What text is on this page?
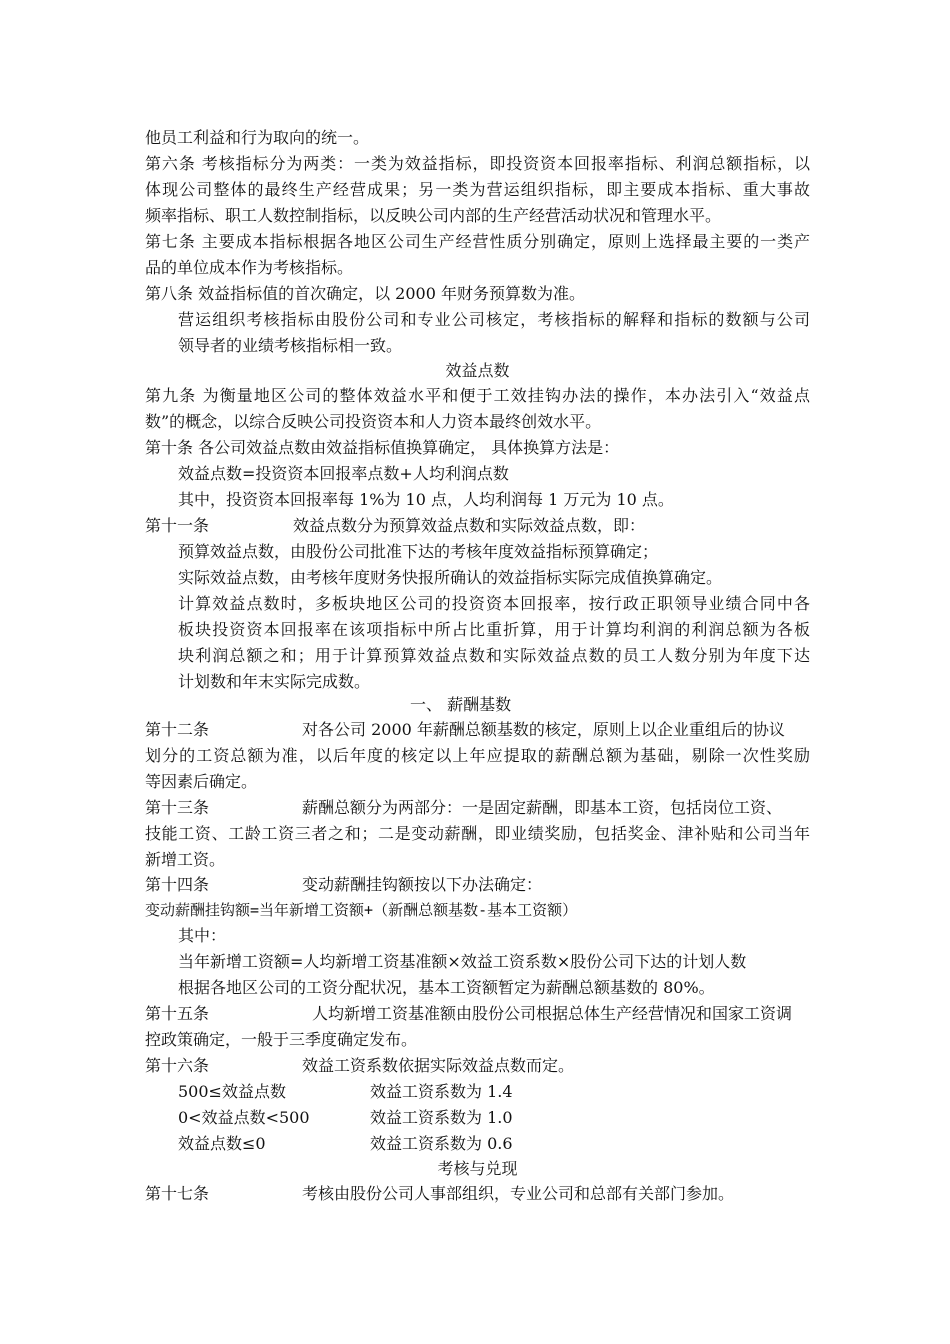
他员工利益和行为取向的统一。
第六条 考核指标分为两类：一类为效益指标，即投资资本回报率指标、利润总额指标，以
体现公司整体的最终生产经营成果；另一类为营运组织指标，即主要成本指标、重大事故
频率指标、职工人数控制指标，以反映公司内部的生产经营活动状况和管理水平。
第七条 主要成本指标根据各地区公司生产经营性质分别确定，原则上选择最主要的一类产
品的单位成本作为考核指标。
第八条 效益指标值的首次确定，以 2000 年财务预算数为准。
营运组织考核指标由股份公司和专业公司核定，考核指标的解释和指标的数额与公司
领导者的业绩考核指标相一致。
效益点数
第九条 为衡量地区公司的整体效益水平和便于工效挂钩办法的操作，本办法引入“效益点
数”的概念，以综合反映公司投资资本和人力资本最终创效水平。
第十条 各公司效益点数由效益指标值换算确定， 具体换算方法是：
效益点数=投资资本回报率点数+人均利润点数
其中，投资资本回报率每 1%为 10 点，人均利润每 1 万元为 10 点。
第十一条	效益点数分为预算效益点数和实际效益点数，即：
预算效益点数，由股份公司批准下达的考核年度效益指标预算确定；
实际效益点数，由考核年度财务快报所确认的效益指标实际完成值换算确定。
计算效益点数时，多板块地区公司的投资资本回报率，按行政正职领导业绩合同中各
板块投资资本回报率在该项指标中所占比重折算，用于计算均利润的利润总额为各板
块利润总额之和；用于计算预算效益点数和实际效益点数的员工人数分别为年度下达
计划数和年末实际完成数。
一、 薪酬基数
第十二条	对各公司 2000 年薪酬总额基数的核定，原则上以企业重组后的协议
划分的工资总额为准，以后年度的核定以上年应提取的薪酬总额为基础，剔除一次性奖励
等因素后确定。
第十三条	薪酬总额分为两部分：一是固定薪酬，即基本工资，包括岗位工资、
技能工资、工龄工资三者之和；二是变动薪酬，即业绩奖励，包括奖金、津补贴和公司当年
新增工资。
第十四条	变动薪酬挂钩额按以下办法确定：
变动薪酬挂钩额=当年新增工资额+（新酬总额基数-基本工资额）
其中：
当年新增工资额=人均新增工资基准额×效益工资系数×股份公司下达的计划人数
根据各地区公司的工资分配状况，基本工资额暂定为薪酬总额基数的 80%。
第十五条	人均新增工资基准额由股份公司根据总体生产经营情况和国家工资调
控政策确定，一般于三季度确定发布。
第十六条	效益工资系数依据实际效益点数而定。
500≤效益点数	效益工资系数为 1.4
0<效益点数<500	效益工资系数为 1.0
效益点数≤0	效益工资系数为 0.6
考核与兑现
第十七条	考核由股份公司人事部组织，专业公司和总部有关部门参加。
